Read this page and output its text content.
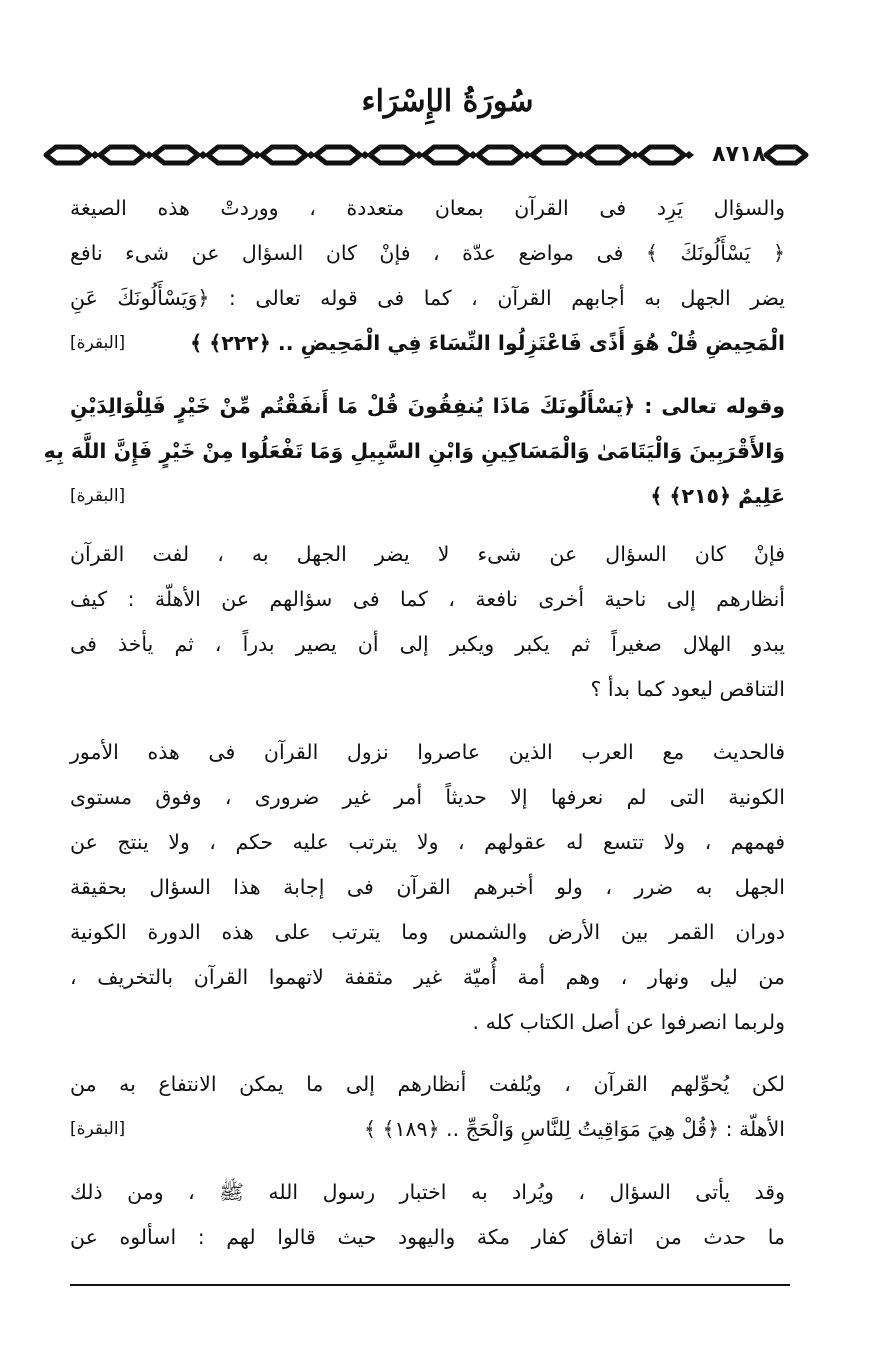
سُورَةُ الإِسْرَاء
٨٧١٨
والسؤال يَرِد فى القرآن بمعان متعددة ، ووردتْ هذه الصيغة
﴿ يَسْأَلُونَكَ ﴾ فى مواضع عدّة ، فإنْ كان السؤال عن شىء نافع
يضر الجهل به أجابهم القرآن ، كما فى قوله تعالى : ﴿وَيَسْأَلُونَكَ عَنِ
الْمَحِيضِ قُلْ هُوَ أَذًى فَاعْتَزِلُوا النِّسَاءَ فِي الْمَحِيضِ .. ﴿٢٢٢﴾ ﴾
[البقرة]
وقوله تعالى : ﴿يَسْأَلُونَكَ مَاذَا يُنفِقُونَ قُلْ مَا أَنفَقْتُم مِّنْ خَيْرٍ فَلِلْوَالِدَيْنِ
وَالأَقْرَبِينَ وَالْيَتَامَىٰ وَالْمَسَاكِينِ وَابْنِ السَّبِيلِ وَمَا تَفْعَلُوا مِنْ خَيْرٍ فَإِنَّ اللَّهَ بِهِ
عَلِيمٌ ﴿٢١٥﴾ ﴾
[البقرة]
فإنْ كان السؤال عن شىء لا يضر الجهل به ، لفت القرآن
أنظارهم إلى ناحية أخرى نافعة ، كما فى سؤالهم عن الأهلّة : كيف
يبدو الهلال صغيراً ثم يكبر ويكبر إلى أن يصير بدراً ، ثم يأخذ فى
التناقص ليعود كما بدأ ؟
فالحديث مع العرب الذين عاصروا نزول القرآن فى هذه الأمور
الكونية التى لم نعرفها إلا حديثاً أمر غير ضرورى ، وفوق مستوى
فهمهم ، ولا تتسع له عقولهم ، ولا يترتب عليه حكم ، ولا ينتج عن
الجهل به ضرر ، ولو أخبرهم القرآن فى إجابة هذا السؤال بحقيقة
دوران القمر بين الأرض والشمس وما يترتب على هذه الدورة الكونية
من ليل ونهار ، وهم أمة أُميّة غير مثقفة لاتهموا القرآن بالتخريف ،
ولربما انصرفوا عن أصل الكتاب كله .
لكن يُحوِّلهم القرآن ، ويُلفت أنظارهم إلى ما يمكن الانتفاع به من
الأهلّة : ﴿قُلْ هِيَ مَوَاقِيتُ لِلنَّاسِ وَالْحَجِّ .. ﴿١٨٩﴾ ﴾
[البقرة]
وقد يأتى السؤال ، ويُراد به اختبار رسول الله ﷺ ، ومن ذلك
ما حدث من اتفاق كفار مكة واليهود حيث قالوا لهم : اسألوه عن
